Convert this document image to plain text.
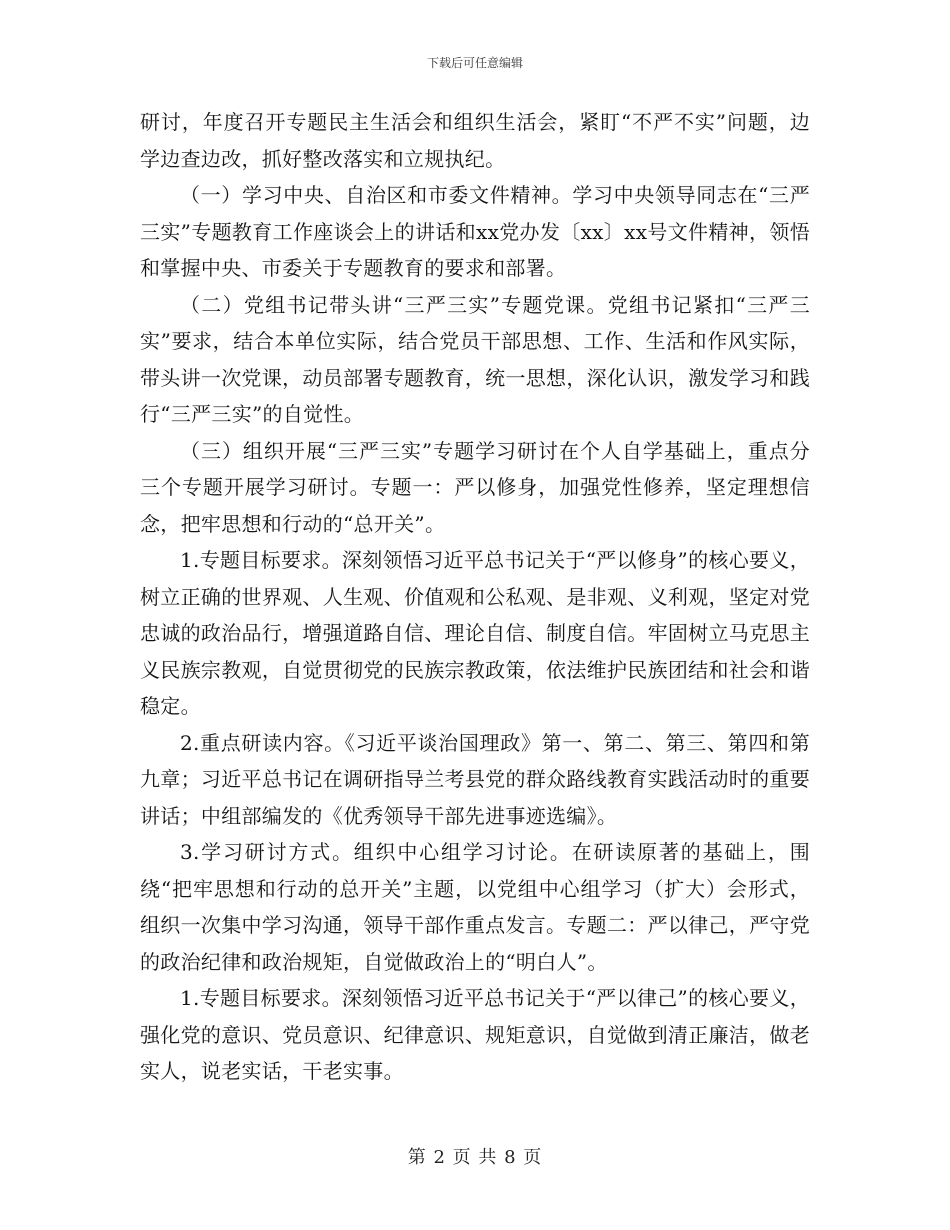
下载后可任意编辑

研讨，年度召开专题民主生活会和组织生活会，紧盯“不严不实”问题，边学边查边改，抓好整改落实和立规执纪。

（一）学习中央、自治区和市委文件精神。学习中央领导同志在“三严三实”专题教育工作座谈会上的讲话和xx党办发〔xx〕xx号文件精神，领悟和掌握中央、市委关于专题教育的要求和部署。

（二）党组书记带头讲“三严三实”专题党课。党组书记紧扣“三严三实”要求，结合本单位实际，结合党员干部思想、工作、生活和作风实际，带头讲一次党课，动员部署专题教育，统一思想，深化认识，激发学习和践行“三严三实”的自觉性。

（三）组织开展“三严三实”专题学习研讨在个人自学基础上，重点分三个专题开展学习研讨。专题一：严以修身，加强党性修养，坚定理想信念，把牢思想和行动的“总开关”。

1.专题目标要求。深刻领悟习近平总书记关于“严以修身”的核心要义，树立正确的世界观、人生观、价值观和公私观、是非观、义利观，坚定对党忠诚的政治品行，增强道路自信、理论自信、制度自信。牢固树立马克思主义民族宗教观，自觉贯彻党的民族宗教政策，依法维护民族团结和社会和谐稳定。

2.重点研读内容。《习近平谈治国理政》第一、第二、第三、第四和第九章；习近平总书记在调研指导兰考县党的群众路线教育实践活动时的重要讲话；中组部编发的《优秀领导干部先进事迹选编》。

3.学习研讨方式。组织中心组学习讨论。在研读原著的基础上，围绕“把牢思想和行动的总开关”主题，以党组中心组学习（扩大）会形式，组织一次集中学习沟通，领导干部作重点发言。专题二：严以律己，严守党的政治纪律和政治规矩，自觉做政治上的“明白人”。

1.专题目标要求。深刻领悟习近平总书记关于“严以律己”的核心要义，强化党的意识、党员意识、纪律意识、规矩意识，自觉做到清正廉洁，做老实人，说老实话，干老实事。

第 2 页 共 8 页
